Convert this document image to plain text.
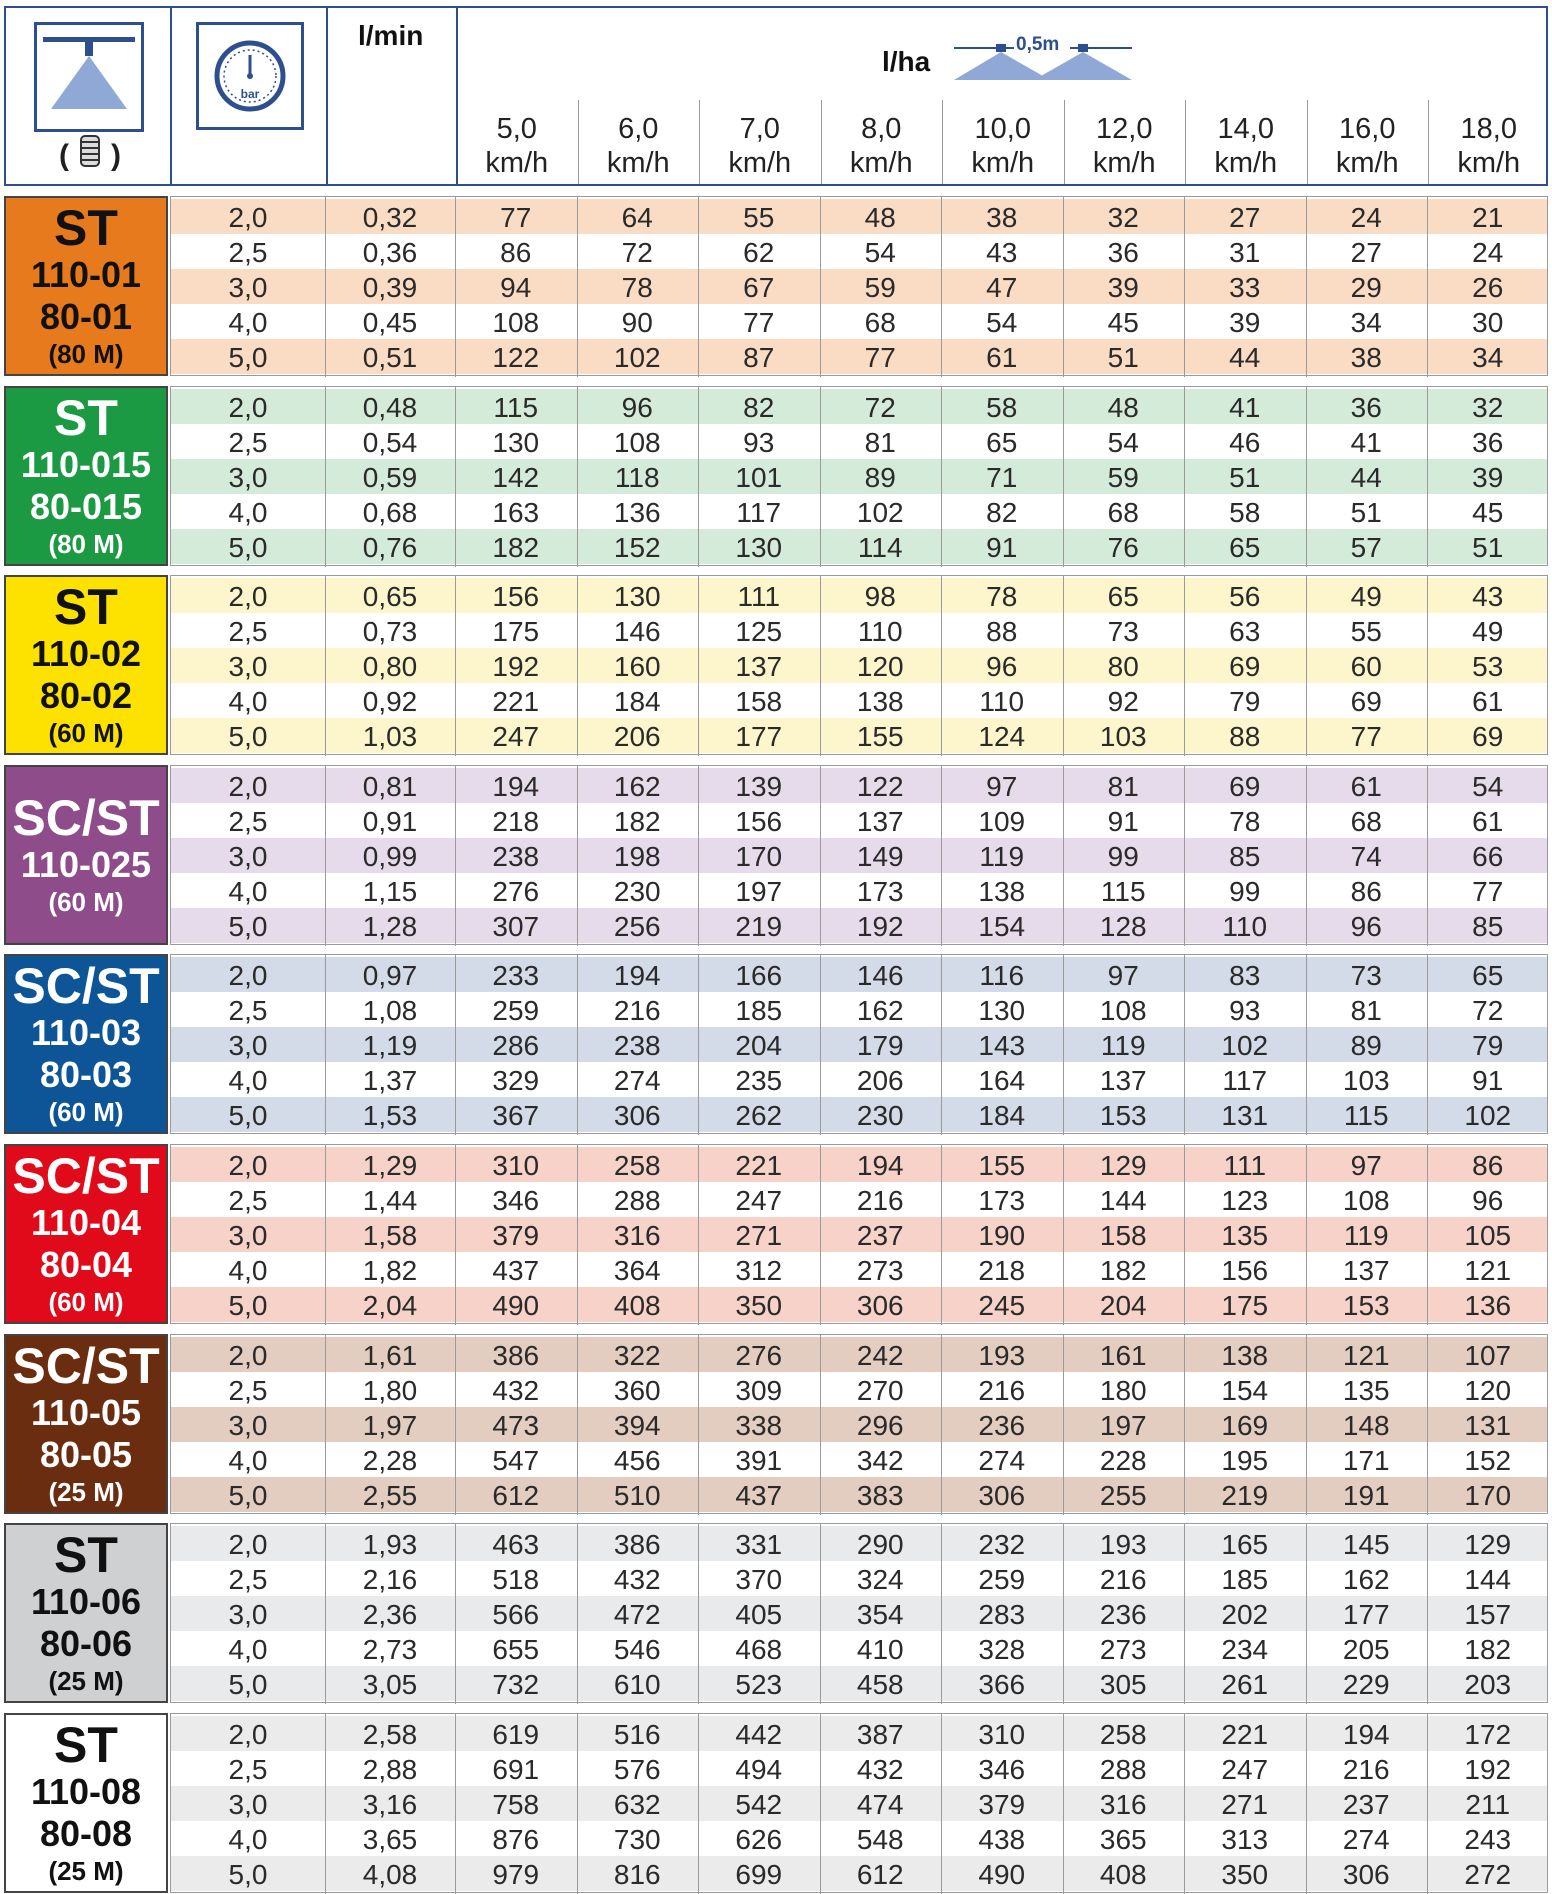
( )
bar
l/min
l/ha
0,5m
5,0
km/h
6,0
km/h
7,0
km/h
8,0
km/h
10,0
km/h
12,0
km/h
14,0
km/h
16,0
km/h
18,0
km/h
ST
110-01
80-01
(80 M)
2,0	0,32	77	64	55	48	38	32	27	24	21
2,5	0,36	86	72	62	54	43	36	31	27	24
3,0	0,39	94	78	67	59	47	39	33	29	26
4,0	0,45	108	90	77	68	54	45	39	34	30
5,0	0,51	122	102	87	77	61	51	44	38	34
ST
110-015
80-015
(80 M)
2,0	0,48	115	96	82	72	58	48	41	36	32
2,5	0,54	130	108	93	81	65	54	46	41	36
3,0	0,59	142	118	101	89	71	59	51	44	39
4,0	0,68	163	136	117	102	82	68	58	51	45
5,0	0,76	182	152	130	114	91	76	65	57	51
ST
110-02
80-02
(60 M)
2,0	0,65	156	130	111	98	78	65	56	49	43
2,5	0,73	175	146	125	110	88	73	63	55	49
3,0	0,80	192	160	137	120	96	80	69	60	53
4,0	0,92	221	184	158	138	110	92	79	69	61
5,0	1,03	247	206	177	155	124	103	88	77	69
SC/ST
110-025
(60 M)
2,0	0,81	194	162	139	122	97	81	69	61	54
2,5	0,91	218	182	156	137	109	91	78	68	61
3,0	0,99	238	198	170	149	119	99	85	74	66
4,0	1,15	276	230	197	173	138	115	99	86	77
5,0	1,28	307	256	219	192	154	128	110	96	85
SC/ST
110-03
80-03
(60 M)
2,0	0,97	233	194	166	146	116	97	83	73	65
2,5	1,08	259	216	185	162	130	108	93	81	72
3,0	1,19	286	238	204	179	143	119	102	89	79
4,0	1,37	329	274	235	206	164	137	117	103	91
5,0	1,53	367	306	262	230	184	153	131	115	102
SC/ST
110-04
80-04
(60 M)
2,0	1,29	310	258	221	194	155	129	111	97	86
2,5	1,44	346	288	247	216	173	144	123	108	96
3,0	1,58	379	316	271	237	190	158	135	119	105
4,0	1,82	437	364	312	273	218	182	156	137	121
5,0	2,04	490	408	350	306	245	204	175	153	136
SC/ST
110-05
80-05
(25 M)
2,0	1,61	386	322	276	242	193	161	138	121	107
2,5	1,80	432	360	309	270	216	180	154	135	120
3,0	1,97	473	394	338	296	236	197	169	148	131
4,0	2,28	547	456	391	342	274	228	195	171	152
5,0	2,55	612	510	437	383	306	255	219	191	170
ST
110-06
80-06
(25 M)
2,0	1,93	463	386	331	290	232	193	165	145	129
2,5	2,16	518	432	370	324	259	216	185	162	144
3,0	2,36	566	472	405	354	283	236	202	177	157
4,0	2,73	655	546	468	410	328	273	234	205	182
5,0	3,05	732	610	523	458	366	305	261	229	203
ST
110-08
80-08
(25 M)
2,0	2,58	619	516	442	387	310	258	221	194	172
2,5	2,88	691	576	494	432	346	288	247	216	192
3,0	3,16	758	632	542	474	379	316	271	237	211
4,0	3,65	876	730	626	548	438	365	313	274	243
5,0	4,08	979	816	699	612	490	408	350	306	272
